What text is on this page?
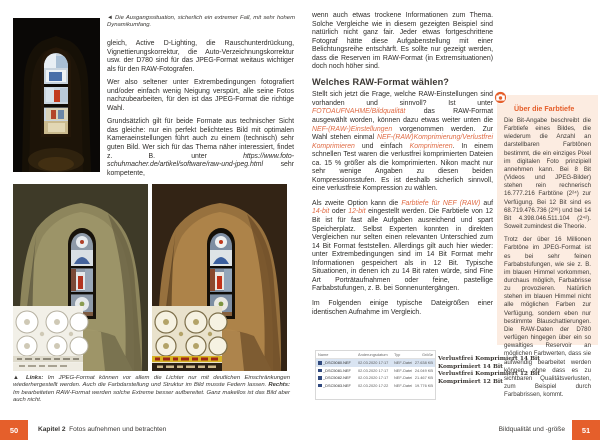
◄ Die Ausgangssituation, sicherlich ein extremer Fall, mit sehr hohem Dynamikumfang.

gleich, Active D-Lighting, die Rauschunterdrückung, Vignettierungskorrektur, die Auto-Verzeichnungskorrektur usw. der D780 sind für das JPEG-Format weitaus wichtiger als für den RAW-Fotografen.

Wer also seltener unter Extrembedingungen fotografiert und/oder einfach wenig Neigung verspürt, alle seine Fotos nachzubearbeiten, für den ist das JPEG-Format die richtige Wahl.

Grundsätzlich gilt für beide Formate aus technischer Sicht das gleiche: nur ein perfekt belichtetes Bild mit optimalen Kameraeinstellungen führt auch zu einem (technisch) sehr guten Bild. Wer sich für das Thema näher interessiert, findet z. B. unter https://www.foto-schuhmacher.de/artikel/software/raw-und-jpeg.html sehr kompetente,

▲ Links: Im JPEG-Format können vor allem die Lichter nur mit deutlichen Einschränkungen wiederhergestellt werden. Auch die Farbdarstellung und Struktur im Bild musste Federn lassen. Rechts: Im bearbeiteten RAW-Format werden solche Extreme besser aufbereitet. Ganz makellos ist das Bild aber auch nicht.
50	Kapitel 2 Fotos aufnehmen und betrachten

wenn auch etwas trockene Informationen zum Thema. Solche Vergleiche wie in diesem gezeigten Beispiel sind natürlich nicht ganz fair. Jeder etwas fortgeschrittene Fotograf hätte diese Aufgabenstellung mit einer Belichtungsreihe entschärft. Es sollte nur gezeigt werden, dass die Reserven im RAW-Format (in Extremsituationen) doch noch höher sind.

Welches RAW-Format wählen?

Stellt sich jetzt die Frage, welche RAW-Einstellungen sind vorhanden und sinnvoll? Ist unter FOTOAUFNAHME/Bildqualität das RAW-Format ausgewählt worden, können dazu etwas weiter unten die NEF-(RAW-)Einstellungen vorgenommen werden. Zur Wahl stehen einmal NEF-(RAW)Komprimierung/Verlustfrei Komprimieren und einfach Komprimieren. In einem schnellen Test waren die verlustfrei komprimierten Dateien ca. 15 % größer als die komprimierten. Nikon macht nur sehr wenige Angaben zu diesen beiden Kompressionsstufen. Es ist deshalb sicherlich sinnvoll, eine verlustfreie Kompression zu wählen.

Als zweite Option kann die Farbtiefe für NEF (RAW) auf 14-bit oder 12-bit eingestellt werden. Die Farbtiefe von 12 Bit ist für fast alle Aufgaben ausreichend und spart Speicherplatz. Selbst Experten konnten in direkten Vergleichen nur selten einen relevanten Unterschied zum 14 Bit Format feststellen. Allerdings gilt auch hier wieder: unter Extrembedingungen sind im 14 Bit Format mehr Informationen gespeichert als in 12 Bit. Typische Situationen, in denen ich zu 14 Bit raten würde, sind Fine Art Porträtaufnahmen oder feine, pastellige Farbabstufungen, z. B. bei Sonnenuntergängen.

Im Folgenden einige typische Dateigrößen einer identischen Aufnahme im Vergleich.

Über die Farbtiefe

Die Bit-Angabe beschreibt die Farbtiefe eines Bildes, die wiederum die Anzahl an darstellbaren Farbtönen bestimmt, die ein einziges Pixel im digitalen Foto prinzipiell annehmen kann. Bei 8 Bit (Videos und JPEG-Bilder) stehen rein rechnerisch 16.777.216 Farbtöne (2²⁴) zur Verfügung. Bei 12 Bit sind es 68.719.476.736 (2³⁶) und bei 14 Bit 4.398.046.511.104 (2⁴²). Soweit zumindest die Theorie.

Trotz der über 16 Millionen Farbtöne im JPEG-Format ist es bei sehr feinen Farbabstufungen, wie sie z. B. im blauen Himmel vorkommen, durchaus möglich, Farbabrisse zu provozieren. Natürlich stehen im blauen Himmel nicht alle möglichen Farben zur Verfügung, sondern eben nur bestimmte Blauschattierungen. Die RAW-Daten der D780 verfügen hingegen über ein so gewaltiges Reservoir an möglichen Farbwerten, dass sie aufwendig bearbeitet werden können, ohne dass es zu sichtbaren Qualitätsverlusten, zum Beispiel durch Farbabrissen, kommt.

Name	Änderungsdatum	Typ	Größe
_DSC5080.NEF 02.03.2020 17:17	NEF-Datei 27.638 KB
_DSC5081.NEF 02.03.2020 17:17	NEF-Datei 24.049 KB
_DSC5082.NEF 02.03.2020 17:17	NEF-Datei 21.467 KB
_DSC5083.NEF 02.03.2020 17:22	NEF-Datei 19.776 KB
Verlustfrei Komprimiert 14 Bit
Komprimiert 14 Bit
Verlustfrei Komprimiert 12 Bit
Komprimiert 12 Bit
Bildqualität und -größe 51
